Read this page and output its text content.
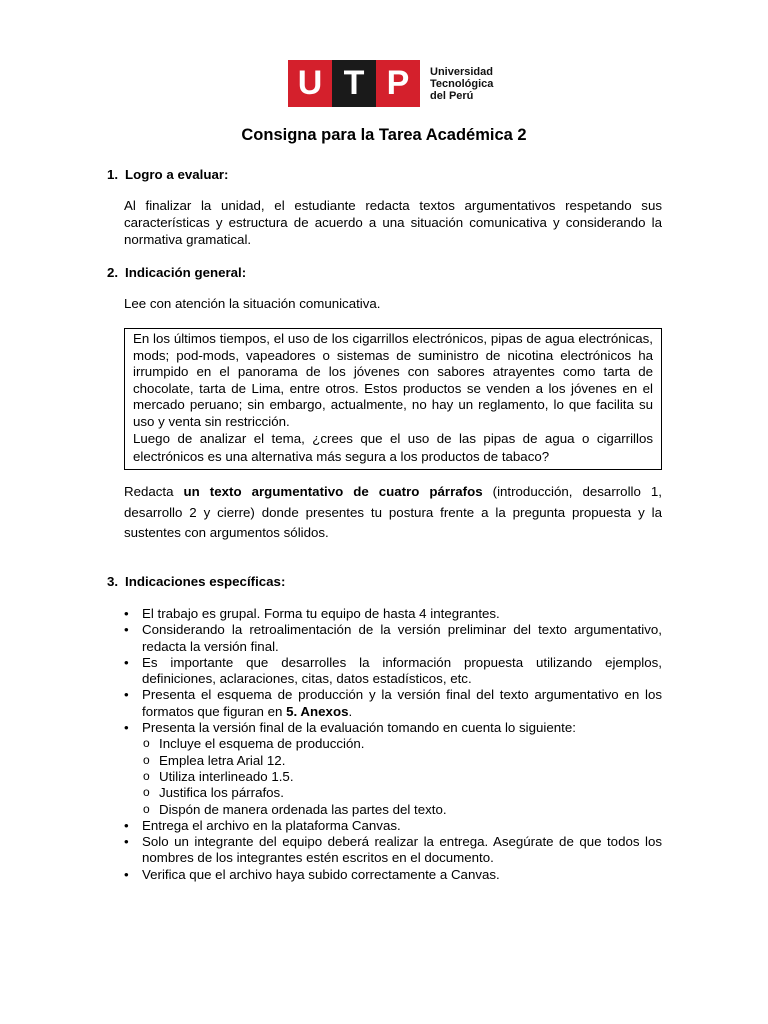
U T P	Universidad
Tecnológica
del Perú
Consigna para la Tarea Académica 2
1. Logro a evaluar:
Al finalizar la unidad, el estudiante redacta textos argumentativos respetando sus características y estructura de acuerdo a una situación comunicativa y considerando la normativa gramatical.
2. Indicación general:
Lee con atención la situación comunicativa.

En los últimos tiempos, el uso de los cigarrillos electrónicos, pipas de agua electrónicas, mods; pod-mods, vapeadores o sistemas de suministro de nicotina electrónicos ha irrumpido en el panorama de los jóvenes con sabores atrayentes como tarta de chocolate, tarta de Lima, entre otros. Estos productos se venden a los jóvenes en el mercado peruano; sin embargo, actualmente, no hay un reglamento, lo que facilita su uso y venta sin restricción.

Luego de analizar el tema, ¿crees que el uso de las pipas de agua o cigarrillos electrónicos es una alternativa más segura a los productos de tabaco?

Redacta un texto argumentativo de cuatro párrafos (introducción, desarrollo 1, desarrollo 2 y cierre) donde presentes tu postura frente a la pregunta propuesta y la sustentes con argumentos sólidos.
3. Indicaciones específicas:
• El trabajo es grupal. Forma tu equipo de hasta 4 integrantes.
• Considerando la retroalimentación de la versión preliminar del texto argumentativo, redacta la versión final.
• Es importante que desarrolles la información propuesta utilizando ejemplos, definiciones, aclaraciones, citas, datos estadísticos, etc.
• Presenta el esquema de producción y la versión final del texto argumentativo en los formatos que figuran en 5. Anexos.
• Presenta la versión final de la evaluación tomando en cuenta lo siguiente:
o Incluye el esquema de producción.
o Emplea letra Arial 12.
o Utiliza interlineado 1.5.
o Justifica los párrafos.
o Dispón de manera ordenada las partes del texto.
• Entrega el archivo en la plataforma Canvas.
• Solo un integrante del equipo deberá realizar la entrega. Asegúrate de que todos los nombres de los integrantes estén escritos en el documento.
• Verifica que el archivo haya subido correctamente a Canvas.
